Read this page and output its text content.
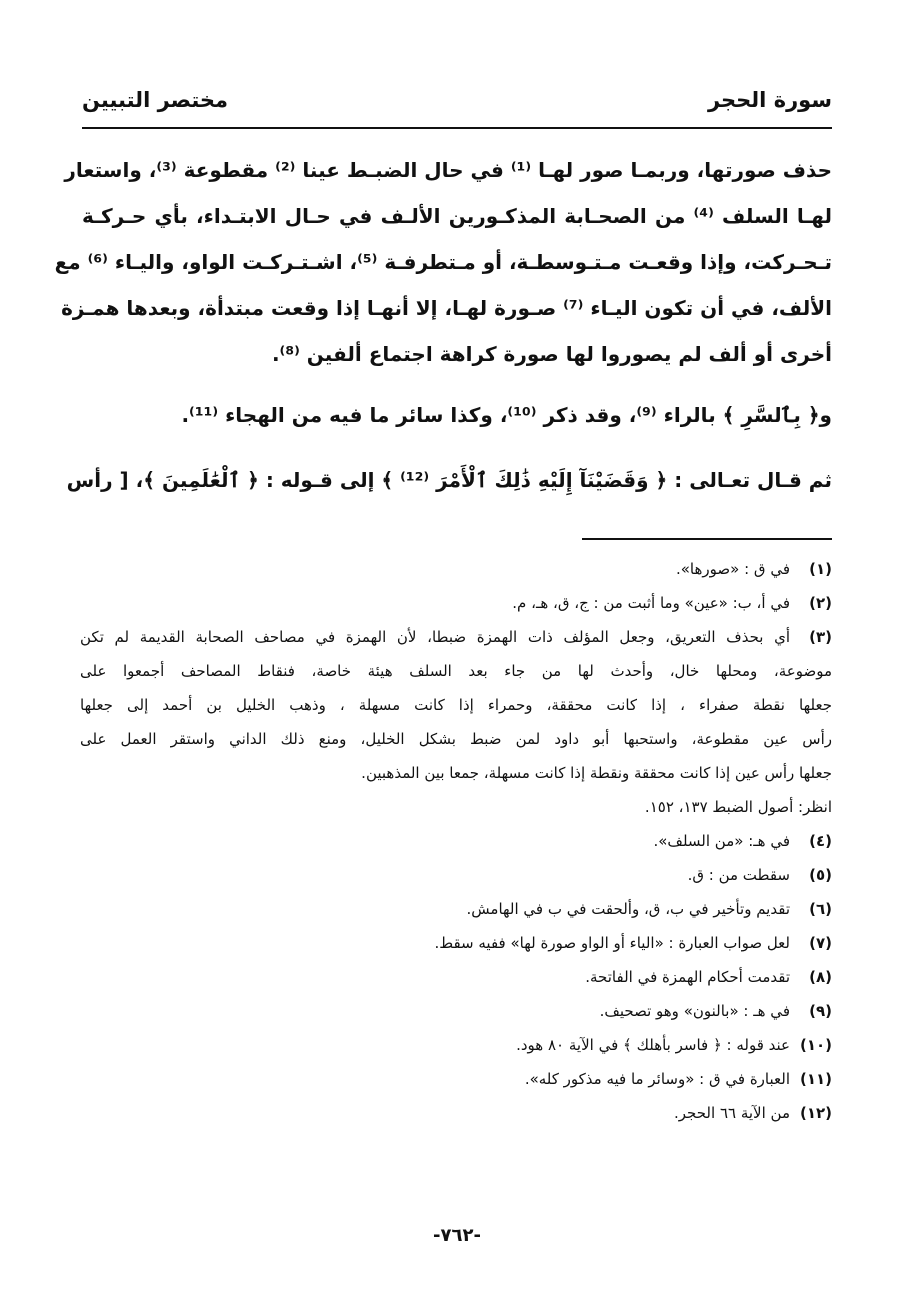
سورة الحجر
مختصر التبيين
حذف صورتها، وربمـا صور لهـا ⁽¹⁾ في حال الضبـط عينا ⁽²⁾ مقطوعة ⁽³⁾، واستعار
لهـا السلف ⁽⁴⁾ من الصحـابة المذكـورين الألـف في حـال الابتـداء، بأي حـركـة
تـحـركت، وإذا وقعـت مـتـوسطـة، أو مـتطرفـة ⁽⁵⁾، اشـتـركـت الواو، واليـاء ⁽⁶⁾ مع
الألف، في أن تكون اليـاء ⁽⁷⁾ صـورة لهـا، إلا أنهـا إذا وقعت مبتدأة، وبعدها همـزة
أخرى أو ألف لم يصوروا لها صورة كراهة اجتماع ألفين ⁽⁸⁾.
و﴿ بِٱلسَّرِ ﴾ بالراء ⁽⁹⁾، وقد ذكر ⁽¹⁰⁾، وكذا سائر ما فيه من الهجاء ⁽¹¹⁾.
ثم قـال تعـالى : ﴿ وَقَضَيْنَآ إِلَيْهِ ذَٰلِكَ ٱلْأَمْرَ ⁽¹²⁾ ﴾ إلى قـوله : ﴿ ٱلْعَٰلَمِينَ ﴾، [ رأس
(١)
في ق : «صورها».
(٢)
في أ، ب: «عين» وما أثبت من : ج، ق، هـ، م.
(٣)
أي بحذف التعريق، وجعل المؤلف ذات الهمزة ضبطا، لأن الهمزة في مصاحف الصحابة القديمة لم تكن
موضوعة، ومحلها خال، وأحدث لها من جاء بعد السلف هيئة خاصة، فنقاط المصاحف أجمعوا على
جعلها نقطة صفراء ، إذا كانت محققة، وحمراء إذا كانت مسهلة ، وذهب الخليل بن أحمد إلى جعلها
رأس عين مقطوعة، واستحبها أبو داود لمن ضبط بشكل الخليل، ومنع ذلك الداني واستقر العمل على
جعلها رأس عين إذا كانت محققة ونقطة إذا كانت مسهلة، جمعا بين المذهبين.
انظر: أصول الضبط ١٣٧، ١٥٢.
(٤)
في هـ: «من السلف».
(٥)
سقطت من : ق.
(٦)
تقديم وتأخير في ب، ق، وألحقت في ب في الهامش.
(٧)
لعل صواب العبارة : «الياء أو الواو صورة لها» ففيه سقط.
(٨)
تقدمت أحكام الهمزة في الفاتحة.
(٩)
في هـ : «بالنون» وهو تصحيف.
(١٠)
عند قوله : ﴿ فاسر بأهلك ﴾ في الآية ٨٠ هود.
(١١)
العبارة في ق : «وسائر ما فيه مذكور كله».
(١٢)
من الآية ٦٦ الحجر.
-٧٦٢-
